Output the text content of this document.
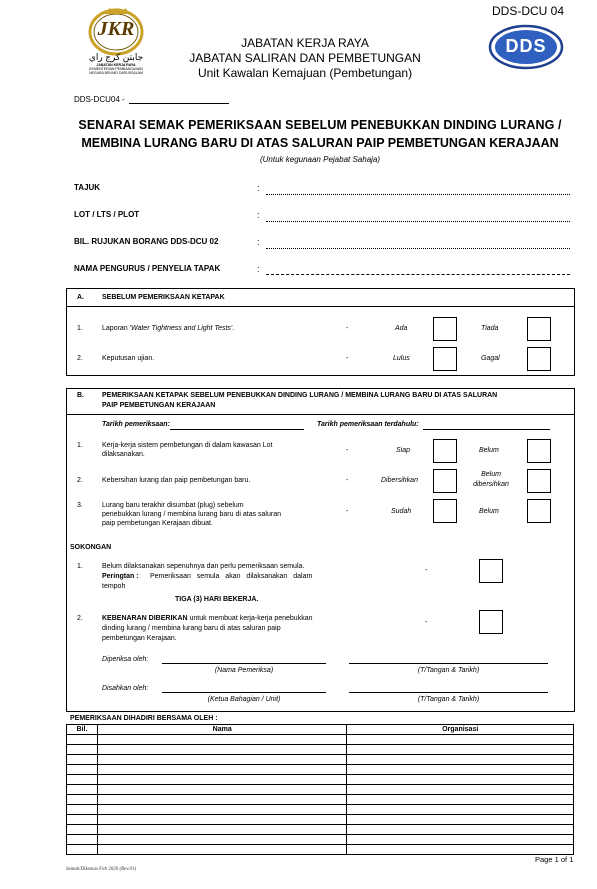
DDS-DCU 04
JKR
جابتن كرج راي
JABATAN KERJA RAYA
KEMENTERIAN PEMBANGUNAN
NEGARA BRUNEI DARUSSALAM
JABATAN KERJA RAYA
JABATAN SALIRAN DAN PEMBETUNGAN
Unit Kawalan Kemajuan (Pembetungan)
DDS
DDS-DCU04 -
SENARAI SEMAK PEMERIKSAAN SEBELUM PENEBUKKAN DINDING LURANG /
MEMBINA LURANG BARU DI ATAS SALURAN PAIP PEMBETUNGAN KERAJAAN
(Untuk kegunaan Pejabat Sahaja)
TAJUK	:
LOT / LTS / PLOT	:
BIL. RUJUKAN BORANG DDS-DCU 02	:
NAMA PENGURUS / PENYELIA TAPAK	:
A.	SEBELUM PEMERIKSAAN KETAPAK
1.	Laporan 'Water Tightness and Light Tests'.	-	Ada	Tiada
2.	Keputusan ujian.	-	Lulus	Gagal
B.	PEMERIKSAAN KETAPAK SEBELUM PENEBUKKAN DINDING LURANG / MEMBINA LURANG BARU DI ATAS SALURAN
PAIP PEMBETUNGAN KERAJAAN
Tarikh pemeriksaan:	Tarikh pemeriksaan terdahulu:
1.	Kerja-kerja sistem pembetungan di dalam kawasan Lot
dilaksanakan.
-	Siap	Belum
2.	Kebersihan lurang dan paip pembetungan baru.	-	Dibersihkan
Belum
dibersihkan
3.	Lurang baru terakhir disumbat (plug) sebelum
penebukkan lurang / membina lurang baru di atas saluran
paip pembetungan Kerajaan dibuat.
-	Sudah	Belum
SOKONGAN
1.	Belum dilaksanakan sepenuhnya dan perlu pemeriksaan semula.
Peringtan : Pemeriksaan semula akan dilaksanakan dalam
tempoh
TIGA (3) HARI BEKERJA.
-
2.	KEBENARAN DIBERIKAN untuk membuat kerja-kerja penebukkan
dinding lurang / membina lurang baru di atas saluran paip
pembetungan Kerajaan.
-
Diperiksa oleh:
(Nama Pemeriksa)	(T/Tangan & Tarikh)
Disahkan oleh:
(Ketua Bahagian / Unit)	(T/Tangan & Tarikh)
PEMERIKSAAN DIHADIRI BERSAMA OLEH :
Bil.	Nama	Organisasi

Semak/Dikemas Feb 2020 (Rev.01)
Page 1 of 1
